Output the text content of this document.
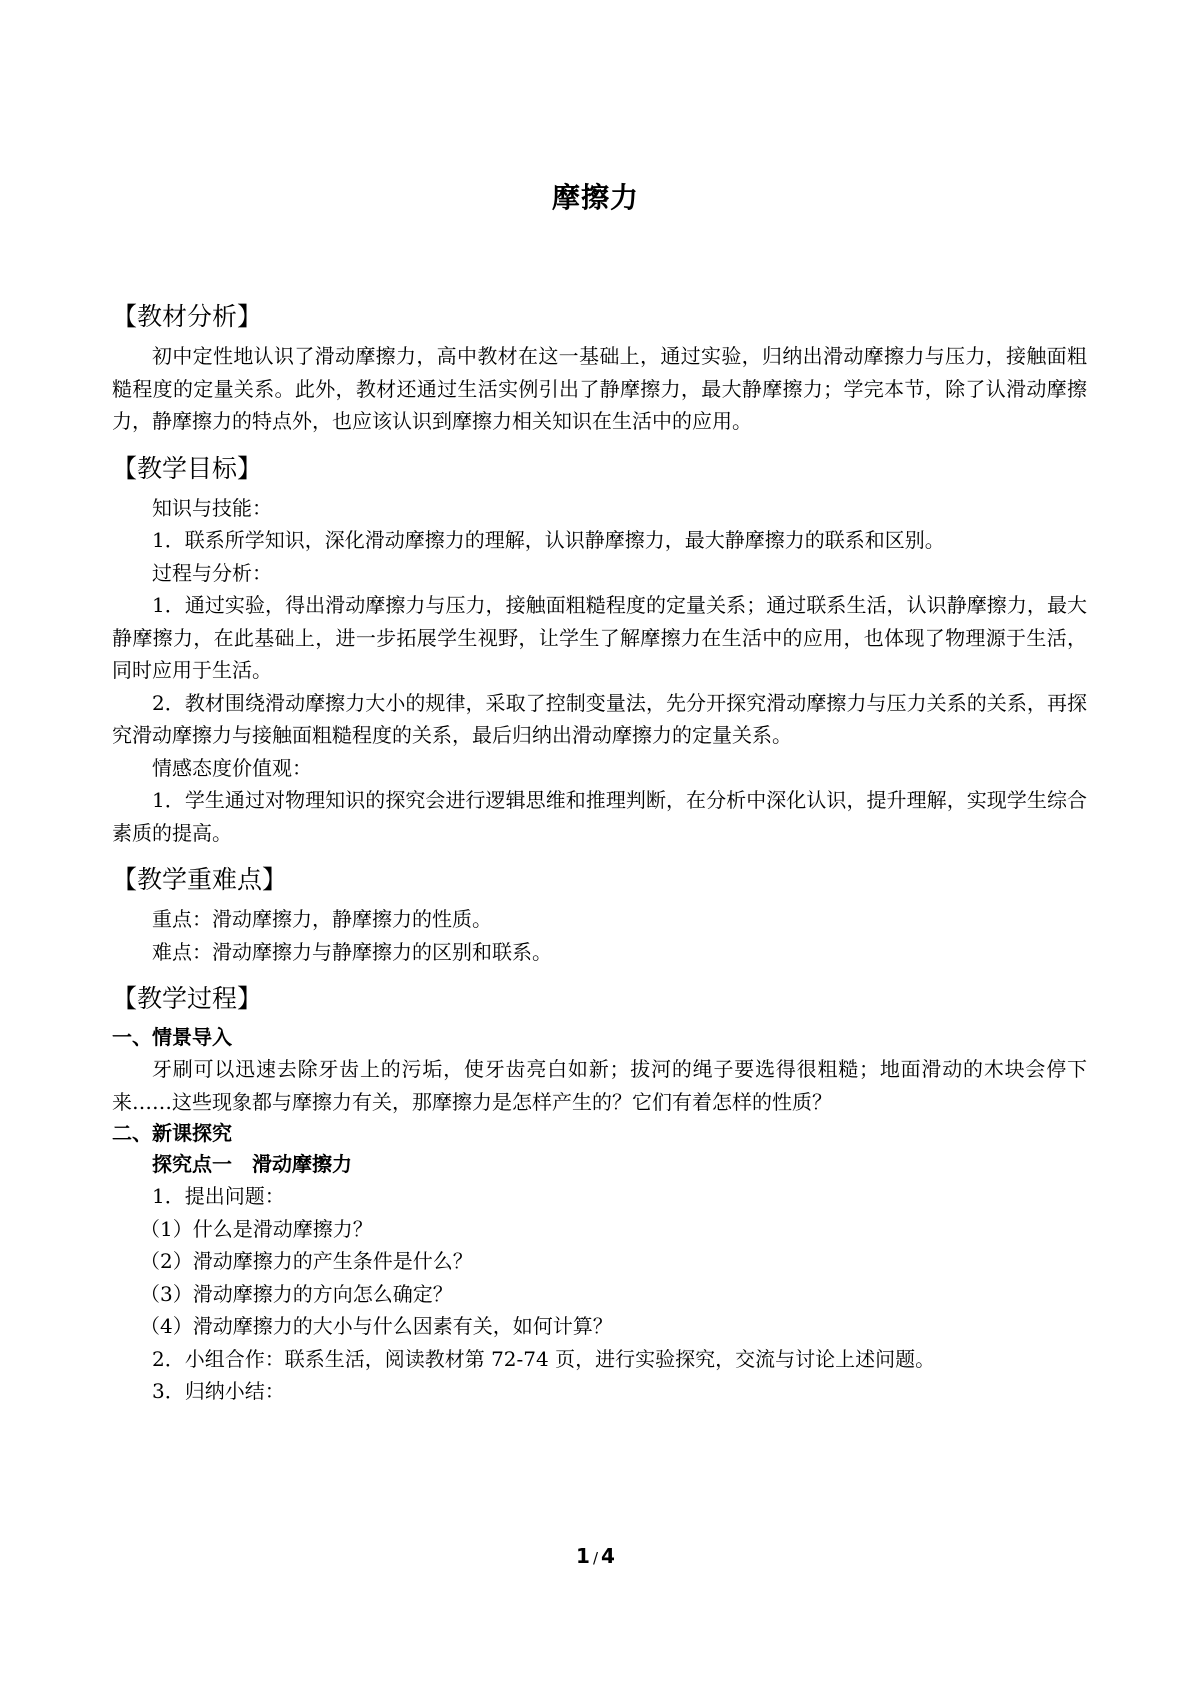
摩擦力
【教材分析】

初中定性地认识了滑动摩擦力，高中教材在这一基础上，通过实验，归纳出滑动摩擦力与压力，接触面粗糙程度的定量关系。此外，教材还通过生活实例引出了静摩擦力，最大静摩擦力；学完本节，除了认滑动摩擦力，静摩擦力的特点外，也应该认识到摩擦力相关知识在生活中的应用。

【教学目标】

知识与技能：

1．联系所学知识，深化滑动摩擦力的理解，认识静摩擦力，最大静摩擦力的联系和区别。

过程与分析：

1．通过实验，得出滑动摩擦力与压力，接触面粗糙程度的定量关系；通过联系生活，认识静摩擦力，最大静摩擦力，在此基础上，进一步拓展学生视野，让学生了解摩擦力在生活中的应用，也体现了物理源于生活，同时应用于生活。

2．教材围绕滑动摩擦力大小的规律，采取了控制变量法，先分开探究滑动摩擦力与压力关系的关系，再探究滑动摩擦力与接触面粗糙程度的关系，最后归纳出滑动摩擦力的定量关系。

情感态度价值观：

1．学生通过对物理知识的探究会进行逻辑思维和推理判断，在分析中深化认识，提升理解，实现学生综合素质的提高。

【教学重难点】

重点：滑动摩擦力，静摩擦力的性质。

难点：滑动摩擦力与静摩擦力的区别和联系。

【教学过程】
一、情景导入

牙刷可以迅速去除牙齿上的污垢，使牙齿亮白如新；拔河的绳子要选得很粗糙；地面滑动的木块会停下来……这些现象都与摩擦力有关，那摩擦力是怎样产生的？它们有着怎样的性质？

二、新课探究
探究点一　滑动摩擦力

1．提出问题：

（1）什么是滑动摩擦力？

（2）滑动摩擦力的产生条件是什么？

（3）滑动摩擦力的方向怎么确定？

（4）滑动摩擦力的大小与什么因素有关，如何计算？

2．小组合作：联系生活，阅读教材第 72-74 页，进行实验探究，交流与讨论上述问题。

3．归纳小结：

1 / 4
